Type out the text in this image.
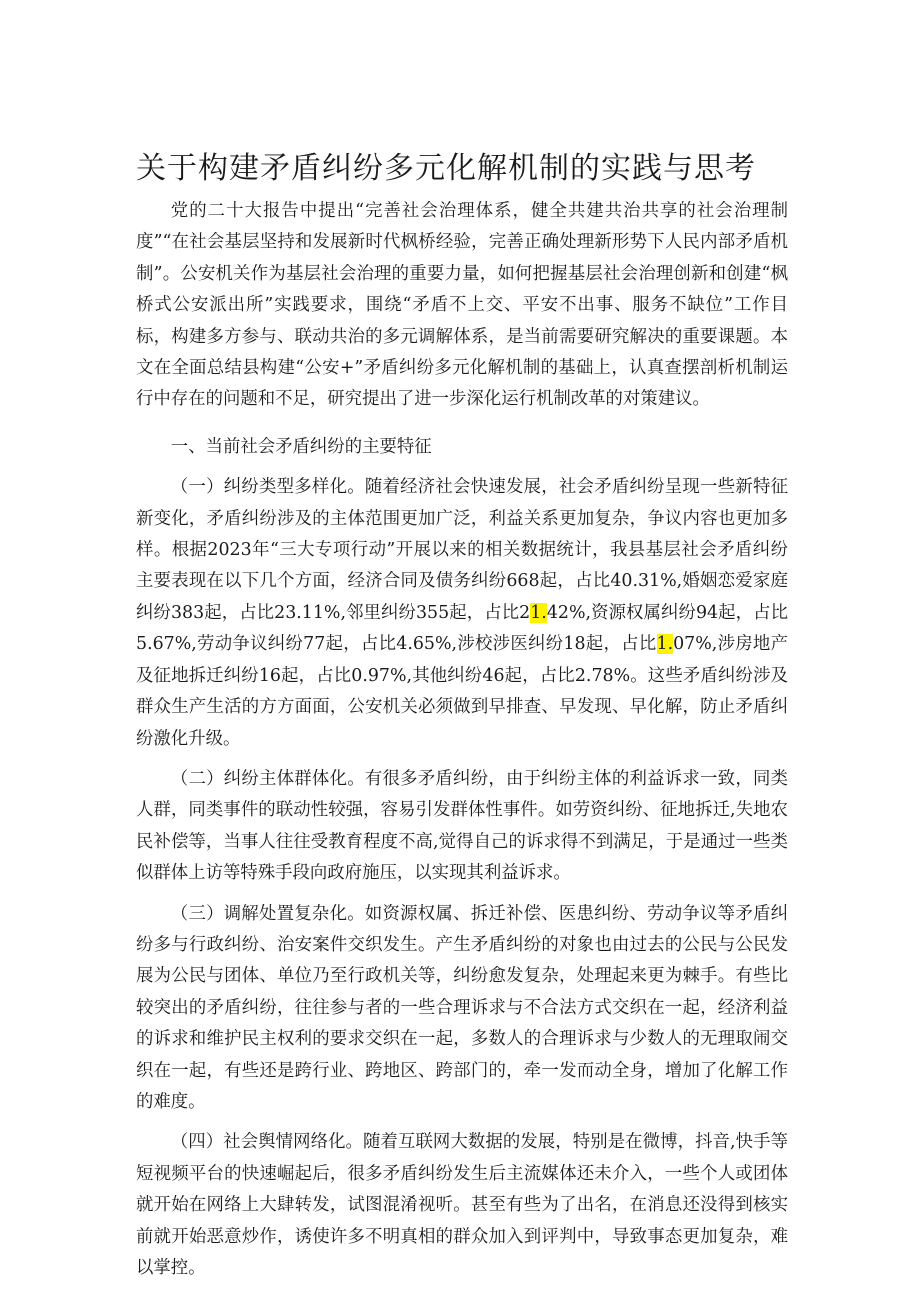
关于构建矛盾纠纷多元化解机制的实践与思考

党的二十大报告中提出“完善社会治理体系，健全共建共治共享的社会治理制度”“在社会基层坚持和发展新时代枫桥经验，完善正确处理新形势下人民内部矛盾机制”。公安机关作为基层社会治理的重要力量，如何把握基层社会治理创新和创建“枫桥式公安派出所”实践要求，围绕“矛盾不上交、平安不出事、服务不缺位”工作目标，构建多方参与、联动共治的多元调解体系，是当前需要研究解决的重要课题。本文在全面总结县构建“公安+”矛盾纠纷多元化解机制的基础上，认真查摆剖析机制运行中存在的问题和不足，研究提出了进一步深化运行机制改革的对策建议。

一、当前社会矛盾纠纷的主要特征

（一）纠纷类型多样化。随着经济社会快速发展，社会矛盾纠纷呈现一些新特征新变化，矛盾纠纷涉及的主体范围更加广泛，利益关系更加复杂，争议内容也更加多样。根据2023年“三大专项行动”开展以来的相关数据统计，我县基层社会矛盾纠纷主要表现在以下几个方面，经济合同及债务纠纷668起，占比40.31%,婚姻恋爱家庭纠纷383起，占比23.11%,邻里纠纷355起，占比21.42%,资源权属纠纷94起，占比5.67%,劳动争议纠纷77起，占比4.65%,涉校涉医纠纷18起，占比1.07%,涉房地产及征地拆迁纠纷16起，占比0.97%,其他纠纷46起，占比2.78%。这些矛盾纠纷涉及群众生产生活的方方面面，公安机关必须做到早排查、早发现、早化解，防止矛盾纠纷激化升级。

（二）纠纷主体群体化。有很多矛盾纠纷，由于纠纷主体的利益诉求一致，同类人群，同类事件的联动性较强，容易引发群体性事件。如劳资纠纷、征地拆迁,失地农民补偿等，当事人往往受教育程度不高,觉得自己的诉求得不到满足，于是通过一些类似群体上访等特殊手段向政府施压，以实现其利益诉求。

（三）调解处置复杂化。如资源权属、拆迁补偿、医患纠纷、劳动争议等矛盾纠纷多与行政纠纷、治安案件交织发生。产生矛盾纠纷的对象也由过去的公民与公民发展为公民与团体、单位乃至行政机关等，纠纷愈发复杂，处理起来更为棘手。有些比较突出的矛盾纠纷，往往参与者的一些合理诉求与不合法方式交织在一起，经济利益的诉求和维护民主权利的要求交织在一起，多数人的合理诉求与少数人的无理取闹交织在一起，有些还是跨行业、跨地区、跨部门的，牵一发而动全身，增加了化解工作的难度。

（四）社会舆情网络化。随着互联网大数据的发展，特别是在微博，抖音,快手等短视频平台的快速崛起后，很多矛盾纠纷发生后主流媒体还未介入，一些个人或团体就开始在网络上大肆转发，试图混淆视听。甚至有些为了出名，在消息还没得到核实前就开始恶意炒作，诱使许多不明真相的群众加入到评判中，导致事态更加复杂，难以掌控。
